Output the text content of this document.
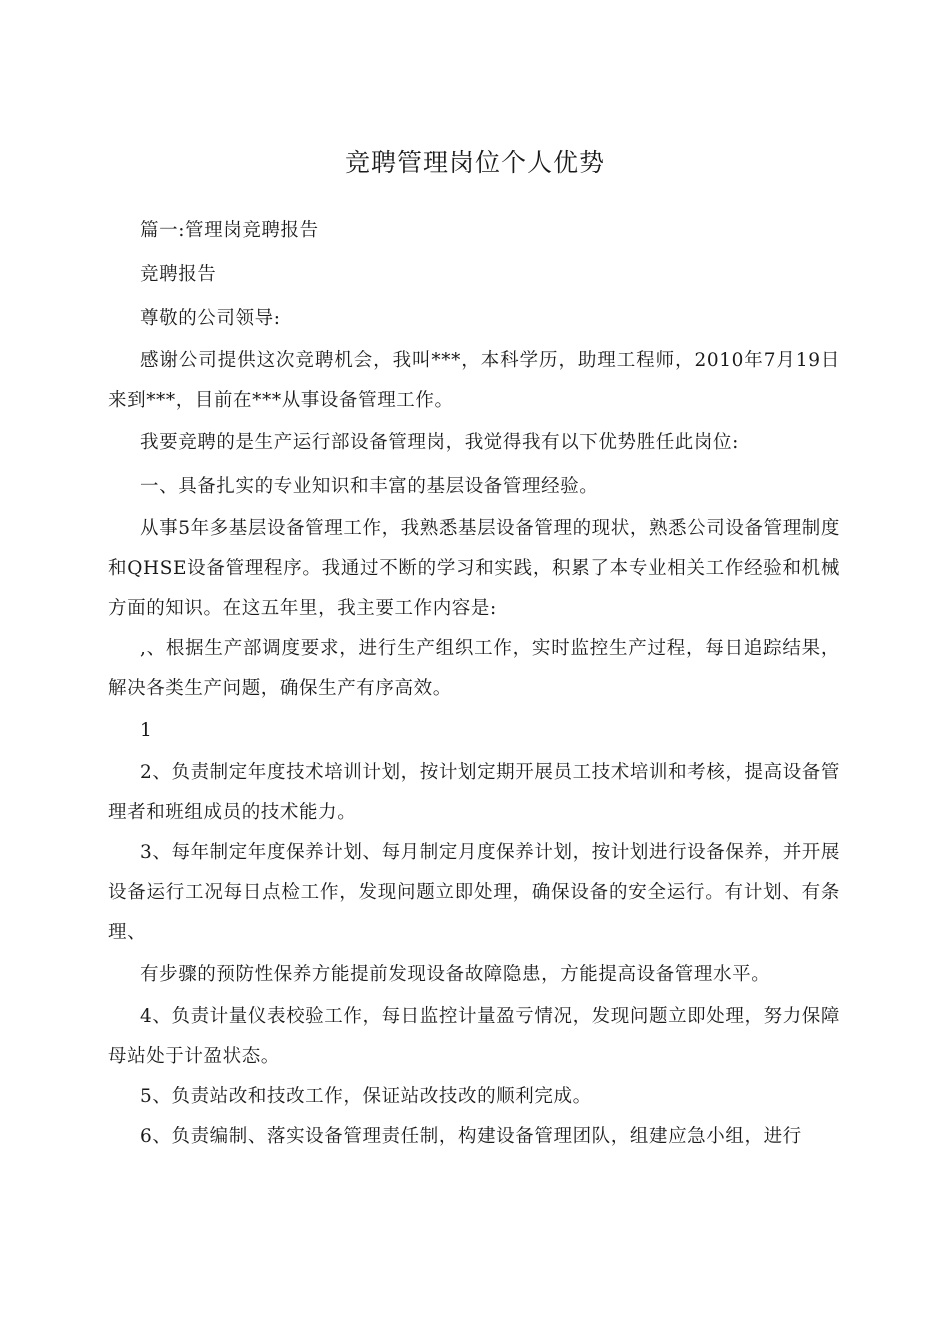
竞聘管理岗位个人优势

篇一:管理岗竞聘报告

竞聘报告

尊敬的公司领导:

感谢公司提供这次竞聘机会，我叫***，本科学历，助理工程师，2010年7月19日来到***，目前在***从事设备管理工作。

我要竞聘的是生产运行部设备管理岗，我觉得我有以下优势胜任此岗位:

一、具备扎实的专业知识和丰富的基层设备管理经验。

从事5年多基层设备管理工作，我熟悉基层设备管理的现状，熟悉公司设备管理制度和QHSE设备管理程序。我通过不断的学习和实践，积累了本专业相关工作经验和机械方面的知识。在这五年里，我主要工作内容是:

,、根据生产部调度要求，进行生产组织工作，实时监控生产过程，每日追踪结果，解决各类生产问题，确保生产有序高效。

1

2、负责制定年度技术培训计划，按计划定期开展员工技术培训和考核，提高设备管理者和班组成员的技术能力。

3、每年制定年度保养计划、每月制定月度保养计划，按计划进行设备保养，并开展设备运行工况每日点检工作，发现问题立即处理，确保设备的安全运行。有计划、有条理、

有步骤的预防性保养方能提前发现设备故障隐患，方能提高设备管理水平。

4、负责计量仪表校验工作，每日监控计量盈亏情况，发现问题立即处理，努力保障母站处于计盈状态。

5、负责站改和技改工作，保证站改技改的顺利完成。

6、负责编制、落实设备管理责任制，构建设备管理团队，组建应急小组，进行
